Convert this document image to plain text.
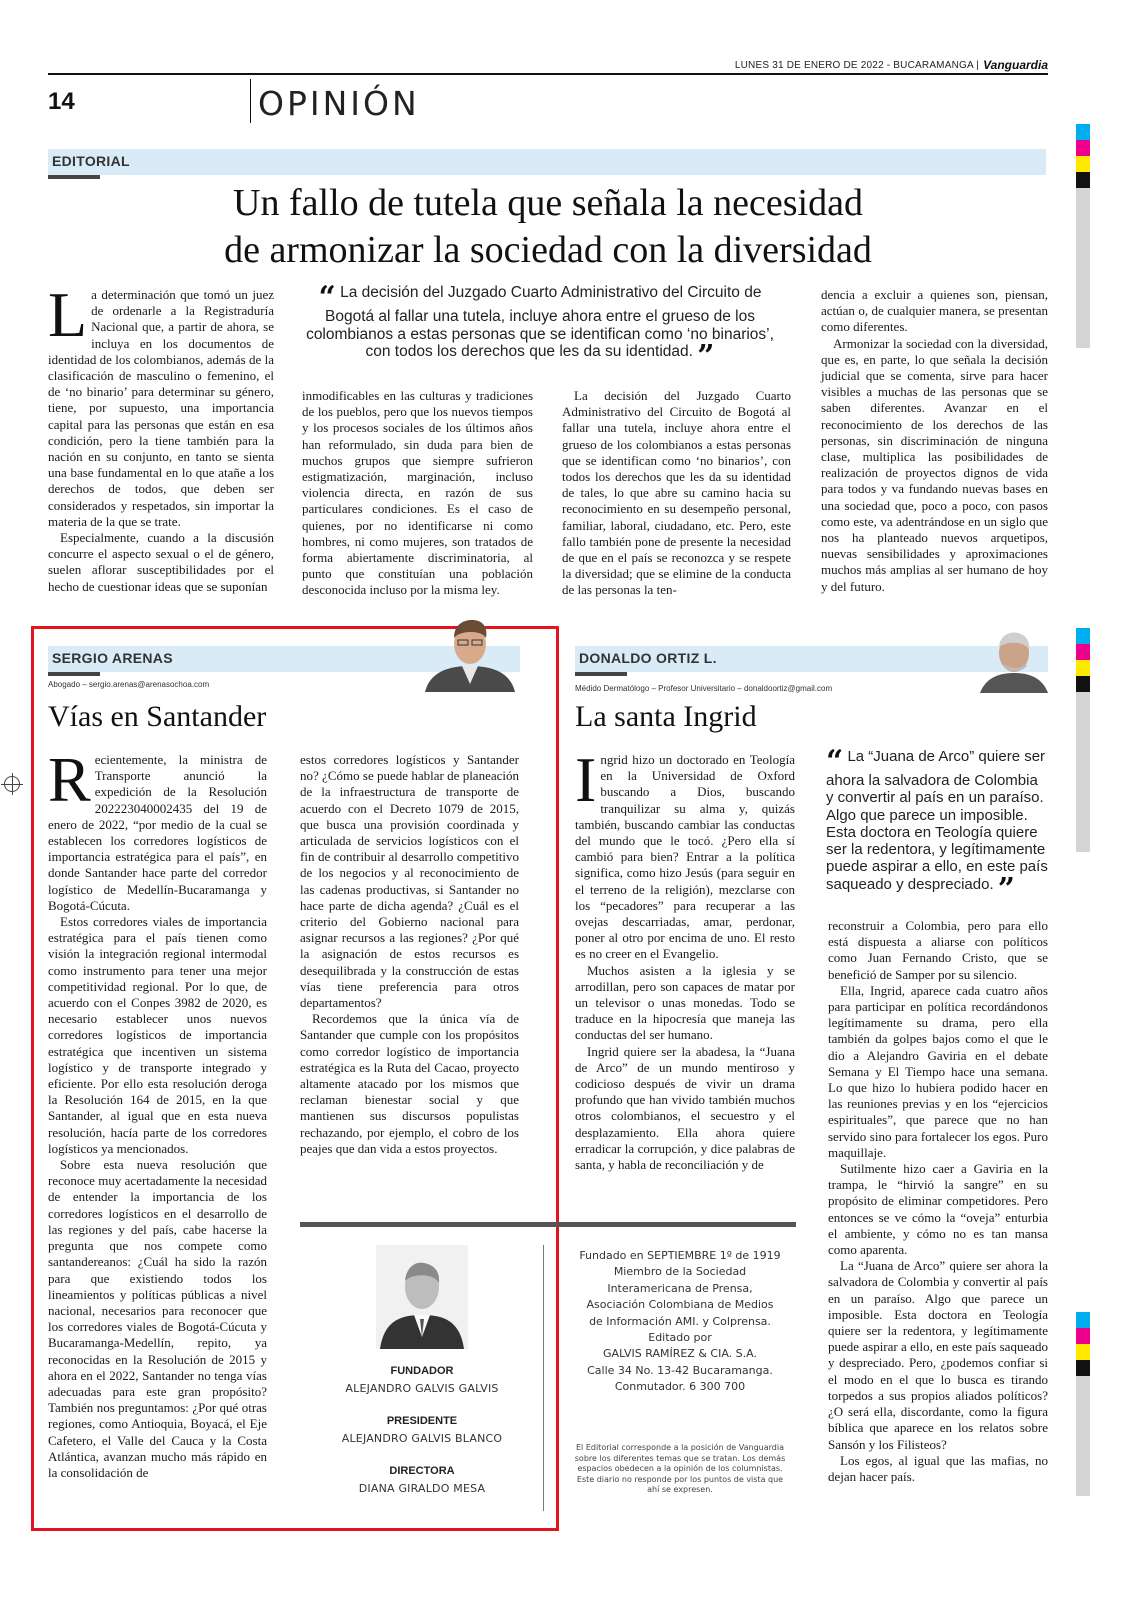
LUNES 31 DE ENERO DE 2022 - BUCARAMANGA | Vanguardia
14	OPINIÓN
EDITORIAL
Un fallo de tutela que señala la necesidad
de armonizar la sociedad con la diversidad

La determinación que tomó un juez de ordenarle a la Registraduría Nacional que, a partir de ahora, se incluya en los documentos de identidad de los colombianos, además de la clasificación de masculino o femenino, el de ‘no binario’ para determinar su género, tiene, por supuesto, una importancia capital para las personas que están en esa condición, pero la tiene también para la nación en su conjunto, en tanto se sienta una base fundamental en lo que atañe a los derechos de todos, que deben ser considerados y respetados, sin importar la materia de la que se trate.

Especialmente, cuando a la discusión concurre el aspecto sexual o el de género, suelen aflorar susceptibilidades por el hecho de cuestionar ideas que se suponían

“ La decisión del Juzgado Cuarto Administrativo del Circuito de Bogotá al fallar una tutela, incluye ahora entre el grueso de los colombianos a estas personas que se identifican como ‘no binarios’, con todos los derechos que les da su identidad. ”

inmodificables en las culturas y tradiciones de los pueblos, pero que los nuevos tiempos y los procesos sociales de los últimos años han reformulado, sin duda para bien de muchos grupos que siempre sufrieron estigmatización, marginación, incluso violencia directa, en razón de sus particulares condiciones. Es el caso de quienes, por no identificarse ni como hombres, ni como mujeres, son tratados de forma abiertamente discriminatoria, al punto que constituían una población desconocida incluso por la misma ley.

La decisión del Juzgado Cuarto Administrativo del Circuito de Bogotá al fallar una tutela, incluye ahora entre el grueso de los colombianos a estas personas que se identifican como ‘no binarios’, con todos los derechos que les da su identidad de tales, lo que abre su camino hacia su reconocimiento en su desempeño personal, familiar, laboral, ciudadano, etc. Pero, este fallo también pone de presente la necesidad de que en el país se reconozca y se respete la diversidad; que se elimine de la conducta de las personas la ten-

dencia a excluir a quienes son, piensan, actúan o, de cualquier manera, se presentan como diferentes.

Armonizar la sociedad con la diversidad, que es, en parte, lo que señala la decisión judicial que se comenta, sirve para hacer visibles a muchas de las personas que se saben diferentes. Avanzar en el reconocimiento de los derechos de las personas, sin discriminación de ninguna clase, multiplica las posibilidades de realización de proyectos dignos de vida para todos y va fundando nuevas bases en una sociedad que, poco a poco, con pasos como este, va adentrándose en un siglo que nos ha planteado nuevos arquetipos, nuevas sensibilidades y aproximaciones muchos más amplias al ser humano de hoy y del futuro.

SERGIO ARENAS
Abogado – sergio.arenas@arenasochoa.com
Vías en Santander

Recientemente, la ministra de Transporte anunció la expedición de la Resolución 20222304000243​5 del 19 de enero de 2022, “por medio de la cual se establecen los corredores logísticos de importancia estratégica para el país”, en donde Santander hace parte del corredor logístico de Medellín-Bucaramanga y Bogotá-Cúcuta.

Estos corredores viales de importancia estratégica para el país tienen como visión la integración regional intermodal como instrumento para tener una mejor competitividad regional. Por lo que, de acuerdo con el Conpes 3982 de 2020, es necesario establecer unos nuevos corredores logísticos de importancia estratégica que incentiven un sistema logístico y de transporte integrado y eficiente. Por ello esta resolución deroga la Resolución 164 de 2015, en la que Santander, al igual que en esta nueva resolución, hacía parte de los corredores logísticos ya mencionados.

Sobre esta nueva resolución que reconoce muy acertadamente la necesidad de entender la importancia de los corredores logísticos en el desarrollo de las regiones y del país, cabe hacerse la pregunta que nos compete como santandereanos: ¿Cuál ha sido la razón para que existiendo todos los lineamientos y políticas públicas a nivel nacional, necesarios para reconocer que los corredores viales de Bogotá-Cúcuta y Bucaramanga-Medellín, repito, ya reconocidas en la Resolución de 2015 y ahora en el 2022, Santander no tenga vías adecuadas para este gran propósito? También nos preguntamos: ¿Por qué otras regiones, como Antioquia, Boyacá, el Eje Cafetero, el Valle del Cauca y la Costa Atlántica, avanzan mucho más rápido en la consolidación de

estos corredores logísticos y Santander no? ¿Cómo se puede hablar de planeación de la infraestructura de transporte de acuerdo con el Decreto 1079 de 2015, que busca una provisión coordinada y articulada de servicios logísticos con el fin de contribuir al desarrollo competitivo de los negocios y al reconocimiento de las cadenas productivas, si Santander no hace parte de dicha agenda? ¿Cuál es el criterio del Gobierno nacional para asignar recursos a las regiones? ¿Por qué la asignación de estos recursos es desequilibrada y la construcción de estas vías tiene preferencia para otros departamentos?

Recordemos que la única vía de Santander que cumple con los propósitos como corredor logístico de importancia estratégica es la Ruta del Cacao, proyecto altamente atacado por los mismos que reclaman bienestar social y que mantienen sus discursos populistas rechazando, por ejemplo, el cobro de los peajes que dan vida a estos proyectos.

DONALDO ORTIZ L.
Médido Dermatólogo – Profesor Universitario – donaldoortiz@gmail.com
La santa Ingrid

Ingrid hizo un doctorado en Teología en la Universidad de Oxford buscando a Dios, buscando tranquilizar su alma y, quizás también, buscando cambiar las conductas del mundo que le tocó. ¿Pero ella sí cambió para bien? Entrar a la política significa, como hizo Jesús (para seguir en el terreno de la religión), mezclarse con los “pecadores” para recuperar a las ovejas descarriadas, amar, perdonar, poner al otro por encima de uno. El resto es no creer en el Evangelio.

Muchos asisten a la iglesia y se arrodillan, pero son capaces de matar por un televisor o unas monedas. Todo se traduce en la hipocresía que maneja las conductas del ser humano.

Ingrid quiere ser la abadesa, la “Juana de Arco” de un mundo mentiroso y codicioso después de vivir un drama profundo que han vivido también muchos otros colombianos, el secuestro y el desplazamiento. Ella ahora quiere erradicar la corrupción, y dice palabras de santa, y habla de reconciliación y de

“ La “Juana de Arco” quiere ser ahora la salvadora de Colombia y convertir al país en un paraíso. Algo que parece un imposible. Esta doctora en Teología quiere ser la redentora, y legítimamente puede aspirar a ello, en este país saqueado y despreciado. ”

reconstruir a Colombia, pero para ello está dispuesta a aliarse con políticos como Juan Fernando Cristo, que se benefició de Samper por su silencio.

Ella, Ingrid, aparece cada cuatro años para participar en política recordándonos legítimamente su drama, pero ella también da golpes bajos como el que le dio a Alejandro Gaviria en el debate Semana y El Tiempo hace una semana. Lo que hizo lo hubiera podido hacer en las reuniones previas y en los “ejercicios espirituales”, que parece que no han servido sino para fortalecer los egos. Puro maquillaje.

Sutilmente hizo caer a Gaviria en la trampa, le “hirvió la sangre” en su propósito de eliminar competidores. Pero entonces se ve cómo la “oveja” enturbia el ambiente, y cómo no es tan mansa como aparenta.

La “Juana de Arco” quiere ser ahora la salvadora de Colombia y convertir al país en un paraíso. Algo que parece un imposible. Esta doctora en Teología quiere ser la redentora, y legítimamente puede aspirar a ello, en este país saqueado y despreciado. Pero, ¿podemos confiar si el modo en el que lo busca es tirando torpedos a sus propios aliados políticos? ¿O será ella, discordante, como la figura bíblica que aparece en los relatos sobre Sansón y los Filisteos?

Los egos, al igual que las mafias, no dejan hacer país.

FUNDADOR
ALEJANDRO GALVIS GALVIS
PRESIDENTE
ALEJANDRO GALVIS BLANCO
DIRECTORA
DIANA GIRALDO MESA
Fundado en SEPTIEMBRE 1º de 1919
Miembro de la Sociedad
Interamericana de Prensa,
Asociación Colombiana de Medios
de Información AMI. y Colprensa.
Editado por
GALVIS RAMÍREZ & CIA. S.A.
Calle 34 No. 13-42 Bucaramanga.
Conmutador. 6 300 700
El Editorial corresponde a la posición de Vanguardia sobre los diferentes temas que se tratan. Los demás espacios obedecen a la opinión de los columnistas. Este diario no responde por los puntos de vista que ahí se expresen.
